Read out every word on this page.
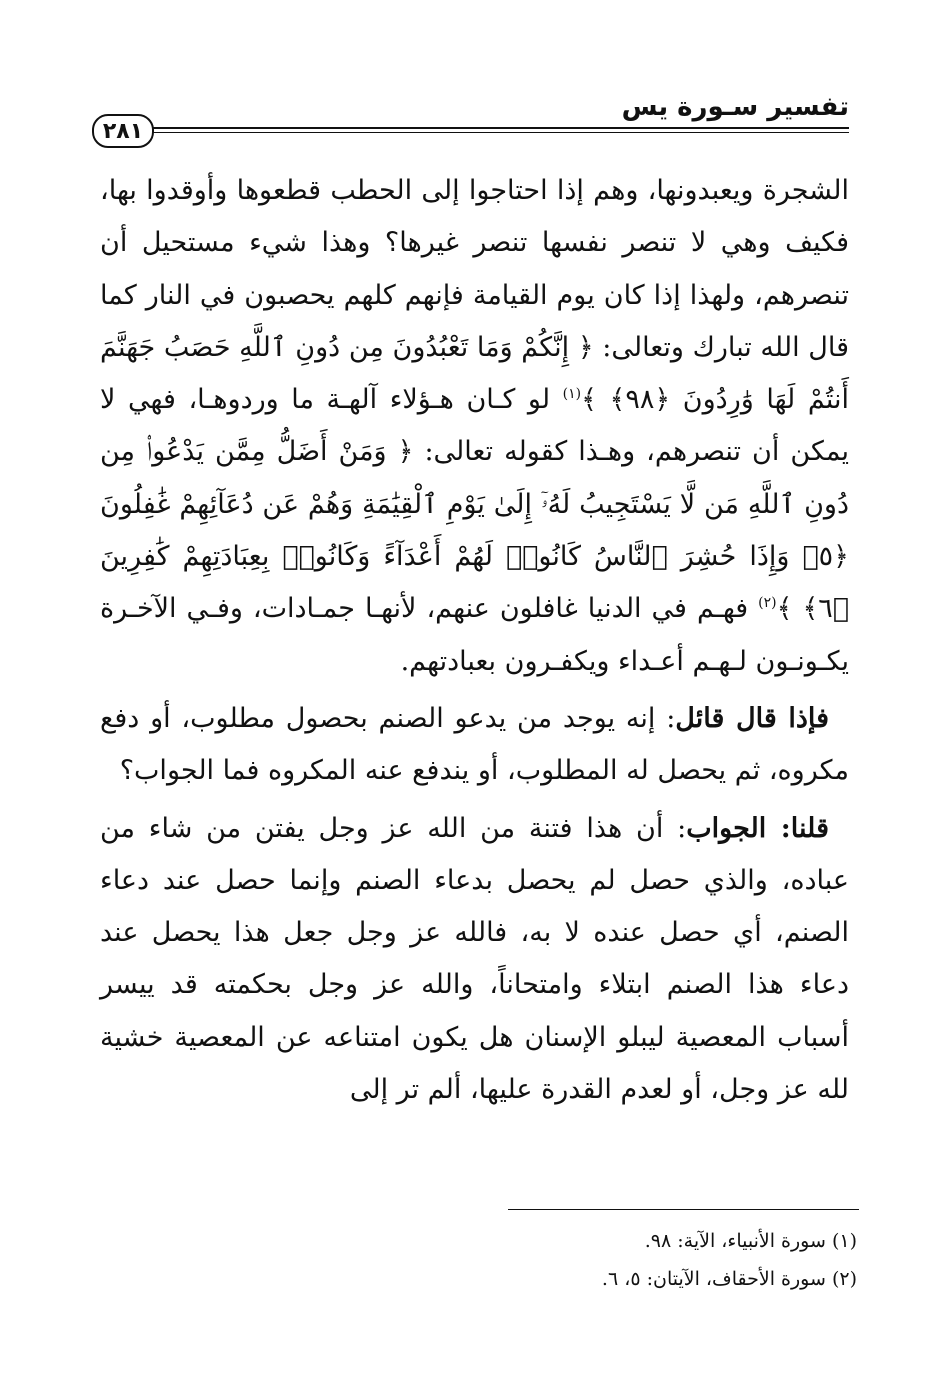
تفسير سـورة يس
٢٨١

الشجرة ويعبدونها، وهم إذا احتاجوا إلى الحطب قطعوها وأوقدوا بها، فكيف وهي لا تنصر نفسها تنصر غيرها؟ وهذا شيء مستحيل أن تنصرهم، ولهذا إذا كان يوم القيامة فإنهم كلهم يحصبون في النار كما قال الله تبارك وتعالى: ﴿ إِنَّكُمْ وَمَا تَعْبُدُونَ مِن دُونِ ٱللَّهِ حَصَبُ جَهَنَّمَ أَنتُمْ لَهَا وَٰرِدُونَ ﴿٩٨﴾ ﴾$^{(١)}$ لو كـان هـؤلاء آلهـة ما وردوهـا، فهي لا يمكن أن تنصرهم، وهـذا كقوله تعالى: ﴿ وَمَنْ أَضَلُّ مِمَّن يَدْعُوا۟ مِن دُونِ ٱللَّهِ مَن لَّا يَسْتَجِيبُ لَهُۥٓ إِلَىٰ يَوْمِ ٱلْقِيَٰمَةِ وَهُمْ عَن دُعَآئِهِمْ غَٰفِلُونَ ﴿٥﴾ وَإِذَا حُشِرَ ٱلنَّاسُ كَانُوا۟ لَهُمْ أَعْدَآءً وَكَانُوا۟ بِعِبَادَتِهِمْ كَٰفِرِينَ ﴿٦﴾ ﴾$^{(٢)}$ فهـم في الدنيا غافلون عنهم، لأنهـا جمـادات، وفـي الآخـرة يكـونـون لـهـم أعـداء ويكفـرون بعبادتهم.

فإذا قال قائل: إنه يوجد من يدعو الصنم بحصول مطلوب، أو دفع مكروه، ثم يحصل له المطلوب، أو يندفع عنه المكروه فما الجواب؟

قلنا: الجواب: أن هذا فتنة من الله عز وجل يفتن من شاء من عباده، والذي حصل لم يحصل بدعاء الصنم وإنما حصل عند دعاء الصنم، أي حصل عنده لا به، فالله عز وجل جعل هذا يحصل عند دعاء هذا الصنم ابتلاء وامتحاناً، والله عز وجل بحكمته قد ييسر أسباب المعصية ليبلو الإسنان هل يكون امتناعه عن المعصية خشية لله عز وجل، أو لعدم القدرة عليها، ألم تر إلى

(١) سورة الأنبياء، الآية: ٩٨.

(٢) سورة الأحقاف، الآيتان: ٥، ٦.
